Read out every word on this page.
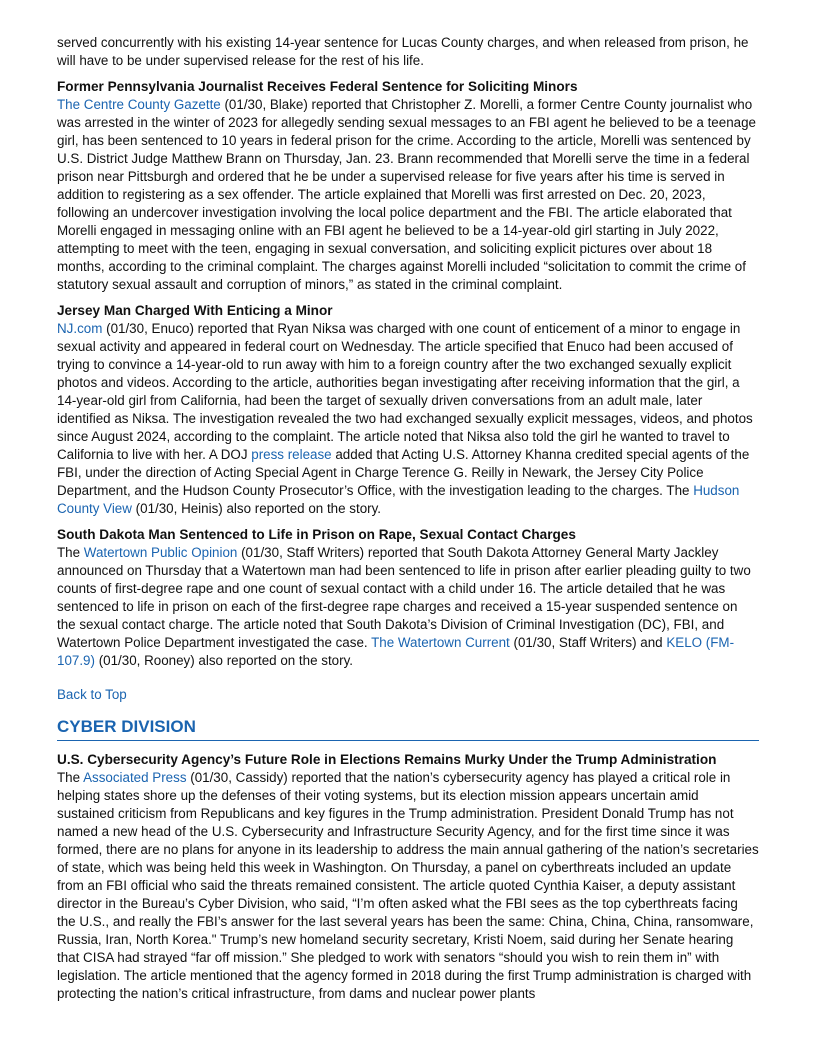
served concurrently with his existing 14-year sentence for Lucas County charges, and when released from prison, he will have to be under supervised release for the rest of his life.

Former Pennsylvania Journalist Receives Federal Sentence for Soliciting Minors

The Centre County Gazette (01/30, Blake) reported that Christopher Z. Morelli, a former Centre County journalist who was arrested in the winter of 2023 for allegedly sending sexual messages to an FBI agent he believed to be a teenage girl, has been sentenced to 10 years in federal prison for the crime. According to the article, Morelli was sentenced by U.S. District Judge Matthew Brann on Thursday, Jan. 23. Brann recommended that Morelli serve the time in a federal prison near Pittsburgh and ordered that he be under a supervised release for five years after his time is served in addition to registering as a sex offender. The article explained that Morelli was first arrested on Dec. 20, 2023, following an undercover investigation involving the local police department and the FBI. The article elaborated that Morelli engaged in messaging online with an FBI agent he believed to be a 14-year-old girl starting in July 2022, attempting to meet with the teen, engaging in sexual conversation, and soliciting explicit pictures over about 18 months, according to the criminal complaint. The charges against Morelli included “solicitation to commit the crime of statutory sexual assault and corruption of minors,” as stated in the criminal complaint.

Jersey Man Charged With Enticing a Minor

NJ.com (01/30, Enuco) reported that Ryan Niksa was charged with one count of enticement of a minor to engage in sexual activity and appeared in federal court on Wednesday. The article specified that Enuco had been accused of trying to convince a 14-year-old to run away with him to a foreign country after the two exchanged sexually explicit photos and videos. According to the article, authorities began investigating after receiving information that the girl, a 14-year-old girl from California, had been the target of sexually driven conversations from an adult male, later identified as Niksa. The investigation revealed the two had exchanged sexually explicit messages, videos, and photos since August 2024, according to the complaint. The article noted that Niksa also told the girl he wanted to travel to California to live with her. A DOJ press release added that Acting U.S. Attorney Khanna credited special agents of the FBI, under the direction of Acting Special Agent in Charge Terence G. Reilly in Newark, the Jersey City Police Department, and the Hudson County Prosecutor’s Office, with the investigation leading to the charges. The Hudson County View (01/30, Heinis) also reported on the story.

South Dakota Man Sentenced to Life in Prison on Rape, Sexual Contact Charges

The Watertown Public Opinion (01/30, Staff Writers) reported that South Dakota Attorney General Marty Jackley announced on Thursday that a Watertown man had been sentenced to life in prison after earlier pleading guilty to two counts of first-degree rape and one count of sexual contact with a child under 16. The article detailed that he was sentenced to life in prison on each of the first-degree rape charges and received a 15-year suspended sentence on the sexual contact charge. The article noted that South Dakota’s Division of Criminal Investigation (DC), FBI, and Watertown Police Department investigated the case. The Watertown Current (01/30, Staff Writers) and KELO (FM-107.9) (01/30, Rooney) also reported on the story.

Back to Top
CYBER DIVISION
U.S. Cybersecurity Agency’s Future Role in Elections Remains Murky Under the Trump Administration

The Associated Press (01/30, Cassidy) reported that the nation’s cybersecurity agency has played a critical role in helping states shore up the defenses of their voting systems, but its election mission appears uncertain amid sustained criticism from Republicans and key figures in the Trump administration. President Donald Trump has not named a new head of the U.S. Cybersecurity and Infrastructure Security Agency, and for the first time since it was formed, there are no plans for anyone in its leadership to address the main annual gathering of the nation’s secretaries of state, which was being held this week in Washington. On Thursday, a panel on cyberthreats included an update from an FBI official who said the threats remained consistent. The article quoted Cynthia Kaiser, a deputy assistant director in the Bureau’s Cyber Division, who said, “I’m often asked what the FBI sees as the top cyberthreats facing the U.S., and really the FBI’s answer for the last several years has been the same: China, China, China, ransomware, Russia, Iran, North Korea." Trump’s new homeland security secretary, Kristi Noem, said during her Senate hearing that CISA had strayed “far off mission.” She pledged to work with senators “should you wish to rein them in” with legislation. The article mentioned that the agency formed in 2018 during the first Trump administration is charged with protecting the nation’s critical infrastructure, from dams and nuclear power plants
